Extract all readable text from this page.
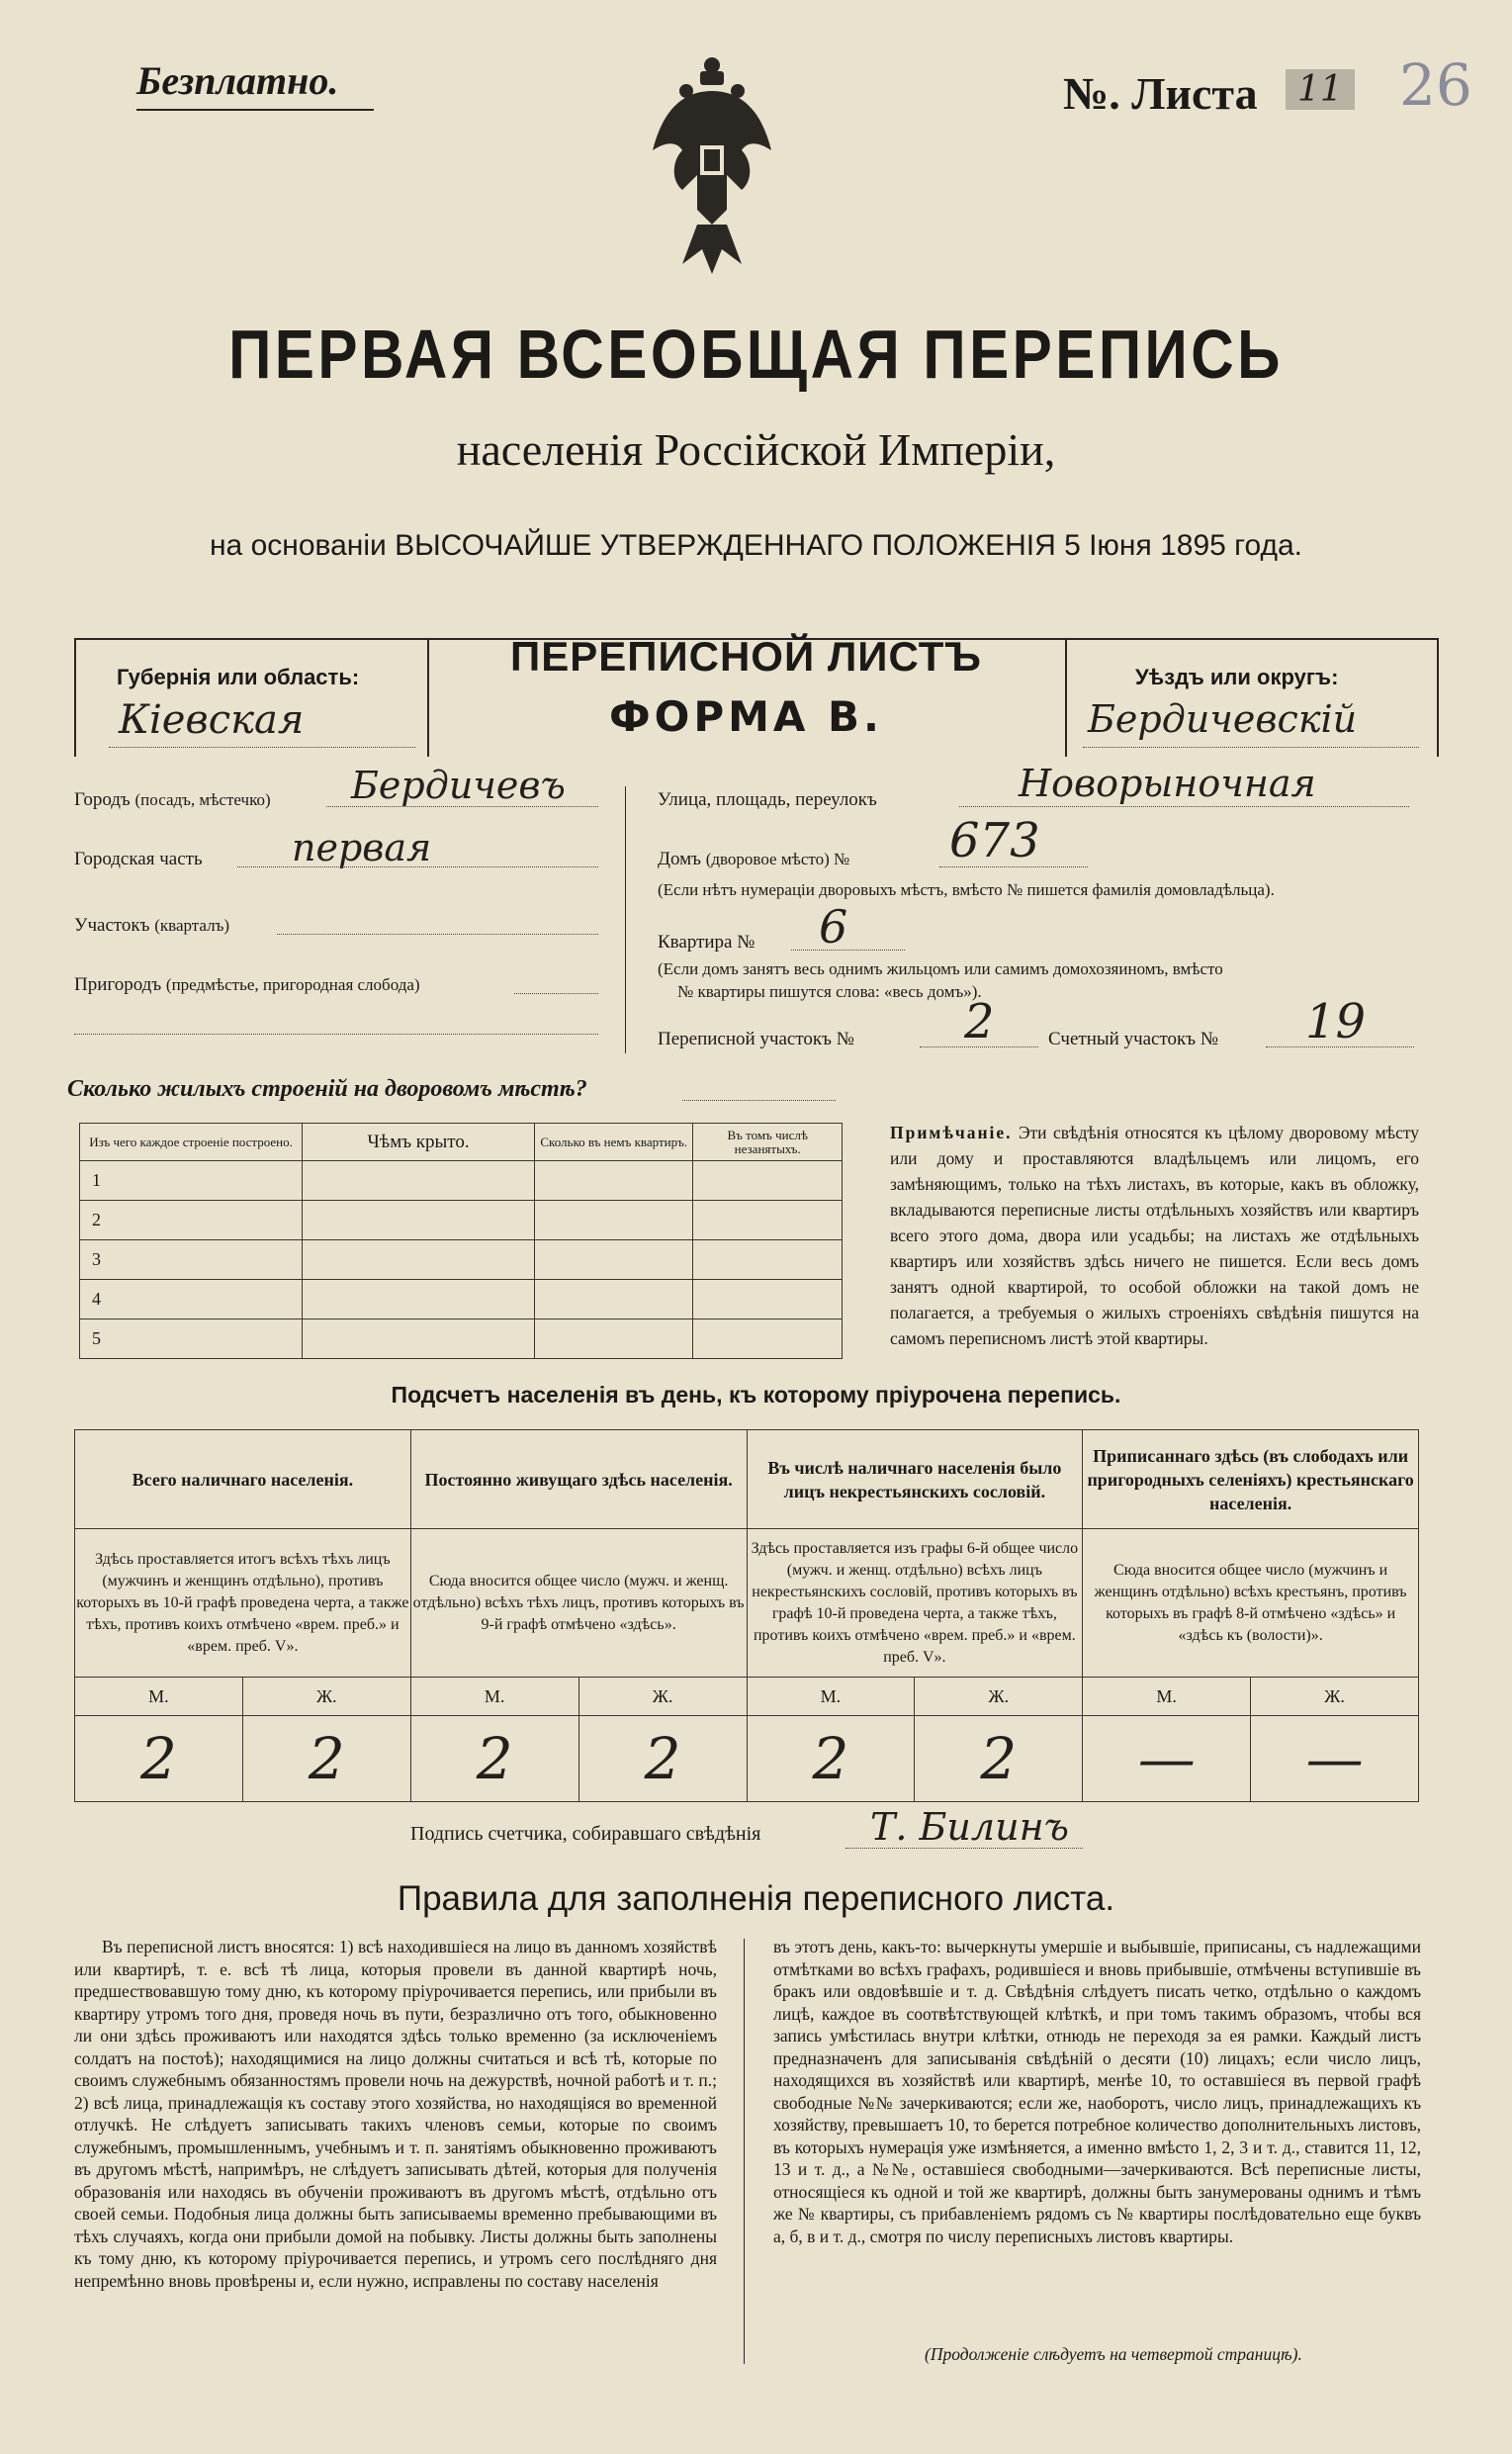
Безплатно.	№. Листа	11 26
ПЕРВАЯ ВСЕОБЩАЯ ПЕРЕПИСЬ
населенія Россійской Имперіи,
на основаніи ВЫСОЧАЙШЕ УТВЕРЖДЕННАГО ПОЛОЖЕНІЯ 5 Іюня 1895 года.
Губернія или область:
Кіевская
ПЕРЕПИСНОЙ ЛИСТЪ
ФОРМА В.
Уѣздъ или округъ:
Бердичевскій
Городъ (посадъ, мѣстечко) Бердичевъ
Городская часть первая
Участокъ (кварталъ)
Пригородъ (предмѣстье, пригородная слобода)
Улица, площадь, переулокъ	Новорыночная
Домъ (дворовое мѣсто) № 673
(Если нѣтъ нумераціи дворовыхъ мѣстъ, вмѣсто № пишется фамилія домовладѣльца).
Квартира № 6
(Если домъ занятъ весь однимъ жильцомъ или самимъ домохозяиномъ, вмѣсто
№ квартиры пишутся слова: «весь домъ»).
Переписной участокъ № 2	Счетный участокъ № 19
Сколько жилыхъ строеній на дворовомъ мѣстѣ?
Изъ чего каждое строеніе построено.	Чѣмъ крыто.	Сколько въ немъ квартиръ.	Въ томъ числѣ незанятыхъ.
1			
2			
3			
4			
5			
Примѣчаніе. Эти свѣдѣнія относятся къ цѣлому дворовому мѣсту или дому и проставляются владѣльцемъ или лицомъ, его замѣняющимъ, только на тѣхъ листахъ, въ которые, какъ въ обложку, вкладываются переписные листы отдѣльныхъ хозяйствъ или квартиръ всего этого дома, двора или усадьбы; на листахъ же отдѣльныхъ квартиръ или хозяйствъ здѣсь ничего не пишется. Если весь домъ занятъ одной квартирой, то особой обложки на такой домъ не полагается, а требуемыя о жилыхъ строеніяхъ свѣдѣнія пишутся на самомъ переписномъ листѣ этой квартиры.
Подсчетъ населенія въ день, къ которому пріурочена перепись.
Всего наличнаго населенія.		Постоянно живущаго здѣсь населенія.		Въ числѣ наличнаго населенія было лицъ некрестьянскихъ сословій.		Приписаннаго здѣсь (въ слободахъ или пригородныхъ селеніяхъ) крестьянскаго населенія.	
Здѣсь проставляется итогъ всѣхъ тѣхъ лицъ (мужчинъ и женщинъ отдѣльно), противъ которыхъ въ 10-й графѣ проведена черта, а также тѣхъ, противъ коихъ отмѣчено «врем. преб.» и «врем. преб. V».		Сюда вносится общее число (мужч. и женщ. отдѣльно) всѣхъ тѣхъ лицъ, противъ которыхъ въ 9-й графѣ отмѣчено «здѣсь».		Здѣсь проставляется изъ графы 6-й общее число (мужч. и женщ. отдѣльно) всѣхъ лицъ некрестьянскихъ сословій, противъ которыхъ въ графѣ 10-й проведена черта, а также тѣхъ, противъ коихъ отмѣчено «врем. преб.» и «врем. преб. V».		Сюда вносится общее число (мужчинъ и женщинъ отдѣльно) всѣхъ крестьянъ, противъ которыхъ въ графѣ 8-й отмѣчено «здѣсь» и «здѣсь къ (волости)».	
М.	Ж.	М.	Ж.	М.	Ж.	М.	Ж.
2	2	2	2	2	2	—	—
Подпись счетчика, собиравшаго свѣдѣнія	Т. Билинъ
Правила для заполненія переписного листа.
Въ переписной листъ вносятся: 1) всѣ находившіеся на лицо въ данномъ хозяйствѣ или квартирѣ, т. е. всѣ тѣ лица, которыя провели въ данной квартирѣ ночь, предшествовавшую тому дню, къ которому пріурочивается перепись, или прибыли въ квартиру утромъ того дня, проведя ночь въ пути, безразлично отъ того, обыкновенно ли они здѣсь проживаютъ или находятся здѣсь только временно (за исключеніемъ солдатъ на постоѣ); находящимися на лицо должны считаться и всѣ тѣ, которые по своимъ служебнымъ обязанностямъ провели ночь на дежурствѣ, ночной работѣ и т. п.; 2) всѣ лица, принадлежащія къ составу этого хозяйства, но находящіяся во временной отлучкѣ. Не слѣдуетъ записывать такихъ членовъ семьи, которые по своимъ служебнымъ, промышленнымъ, учебнымъ и т. п. занятіямъ обыкновенно проживаютъ въ другомъ мѣстѣ, напримѣръ, не слѣдуетъ записывать дѣтей, которыя для полученія образованія или находясь въ обученіи проживаютъ въ другомъ мѣстѣ, отдѣльно отъ своей семьи. Подобныя лица должны быть записываемы временно пребывающими въ тѣхъ случаяхъ, когда они прибыли домой на побывку. Листы должны быть заполнены къ тому дню, къ которому пріурочивается перепись, и утромъ сего послѣдняго дня непремѣнно вновь провѣрены и, если нужно, исправлены по составу населенія
въ этотъ день, какъ-то: вычеркнуты умершіе и выбывшіе, приписаны, съ надлежащими отмѣтками во всѣхъ графахъ, родившіеся и вновь прибывшіе, отмѣчены вступившіе въ бракъ или овдовѣвшіе и т. д. Свѣдѣнія слѣдуетъ писать четко, отдѣльно о каждомъ лицѣ, каждое въ соотвѣтствующей клѣткѣ, и при томъ такимъ образомъ, чтобы вся запись умѣстилась внутри клѣтки, отнюдь не переходя за ея рамки. Каждый листъ предназначенъ для записыванія свѣдѣній о десяти (10) лицахъ; если число лицъ, находящихся въ хозяйствѣ или квартирѣ, менѣе 10, то оставшіеся въ первой графѣ свободные №№ зачеркиваются; если же, наоборотъ, число лицъ, принадлежащихъ къ хозяйству, превышаетъ 10, то берется потребное количество дополнительныхъ листовъ, въ которыхъ нумерація уже измѣняется, а именно вмѣсто 1, 2, 3 и т. д., ставится 11, 12, 13 и т. д., а №№, оставшіеся свободными—зачеркиваются. Всѣ переписные листы, относящіеся къ одной и той же квартирѣ, должны быть занумерованы однимъ и тѣмъ же № квартиры, съ прибавленіемъ рядомъ съ № квартиры послѣдовательно еще буквъ а, б, в и т. д., смотря по числу переписныхъ листовъ квартиры.
(Продолженіе слѣдуетъ на четвертой страницѣ).
